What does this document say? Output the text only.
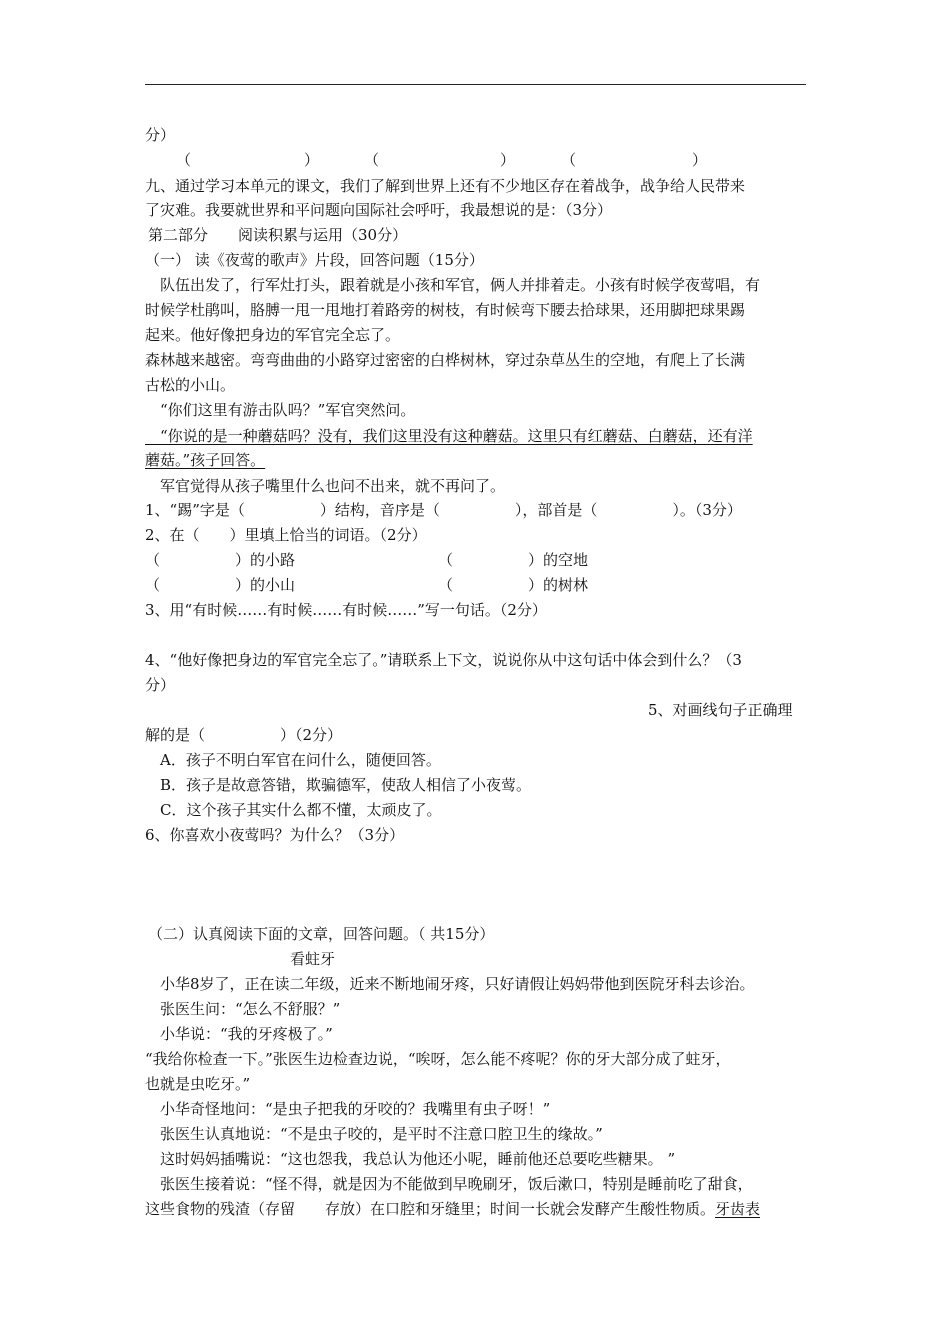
分）
（	）	（	）	（	）
九、通过学习本单元的课文，我们了解到世界上还有不少地区存在着战争，战争给人民带来
了灾难。我要就世界和平问题向国际社会呼吁，我最想说的是：（3分）
第二部分　　阅读积累与运用（30分）
（一） 读《夜莺的歌声》片段，回答问题（15分）
　队伍出发了，行军灶打头，跟着就是小孩和军官，俩人并排着走。小孩有时候学夜莺唱，有
时候学杜鹃叫，胳膊一甩一甩地打着路旁的树枝，有时候弯下腰去拾球果，还用脚把球果踢
起来。他好像把身边的军官完全忘了。
森林越来越密。弯弯曲曲的小路穿过密密的白桦树林，穿过杂草丛生的空地，有爬上了长满
古松的小山。
　“你们这里有游击队吗？”军官突然问。
　“你说的是一种蘑菇吗？没有，我们这里没有这种蘑菇。这里只有红蘑菇、白蘑菇，还有洋
蘑菇。”孩子回答。
　军官觉得从孩子嘴里什么也问不出来，就不再问了。
1、“踢”字是（　　　　　）结构，音序是（　　　　　），部首是（　　　　　）。（3分）
2、在（　　）里填上恰当的词语。（2分）
（　　　　　）的小路	（　　　　　）的空地
（　　　　　）的小山	（　　　　　）的树林
3、用“有时候……有时候……有时候……”写一句话。（2分）
4、“他好像把身边的军官完全忘了。”请联系上下文，说说你从中这句话中体会到什么？（3
分）
5、对画线句子正确理
解的是（　　　　　）（2分）
　A．孩子不明白军官在问什么，随便回答。
　B．孩子是故意答错，欺骗德军，使敌人相信了小夜莺。
　C．这个孩子其实什么都不懂，太顽皮了。
6、你喜欢小夜莺吗？为什么？（3分）
（二）认真阅读下面的文章，回答问题。（ 共15分）
看蛀牙
　小华8岁了，正在读二年级，近来不断地闹牙疼，只好请假让妈妈带他到医院牙科去诊治。
　张医生问：“怎么不舒服？”
　小华说：“我的牙疼极了。”
“我给你检查一下。”张医生边检查边说，“唉呀，怎么能不疼呢？你的牙大部分成了蛀牙，
也就是虫吃牙。”
　小华奇怪地问：“是虫子把我的牙咬的？我嘴里有虫子呀！”
　张医生认真地说：“不是虫子咬的，是平时不注意口腔卫生的缘故。”
　这时妈妈插嘴说：“这也怨我，我总认为他还小呢，睡前他还总要吃些糖果。 ”
　张医生接着说：“怪不得，就是因为不能做到早晚刷牙，饭后漱口，特别是睡前吃了甜食，
这些食物的残渣（存留　　存放）在口腔和牙缝里；时间一长就会发酵产生酸性物质。牙齿表
